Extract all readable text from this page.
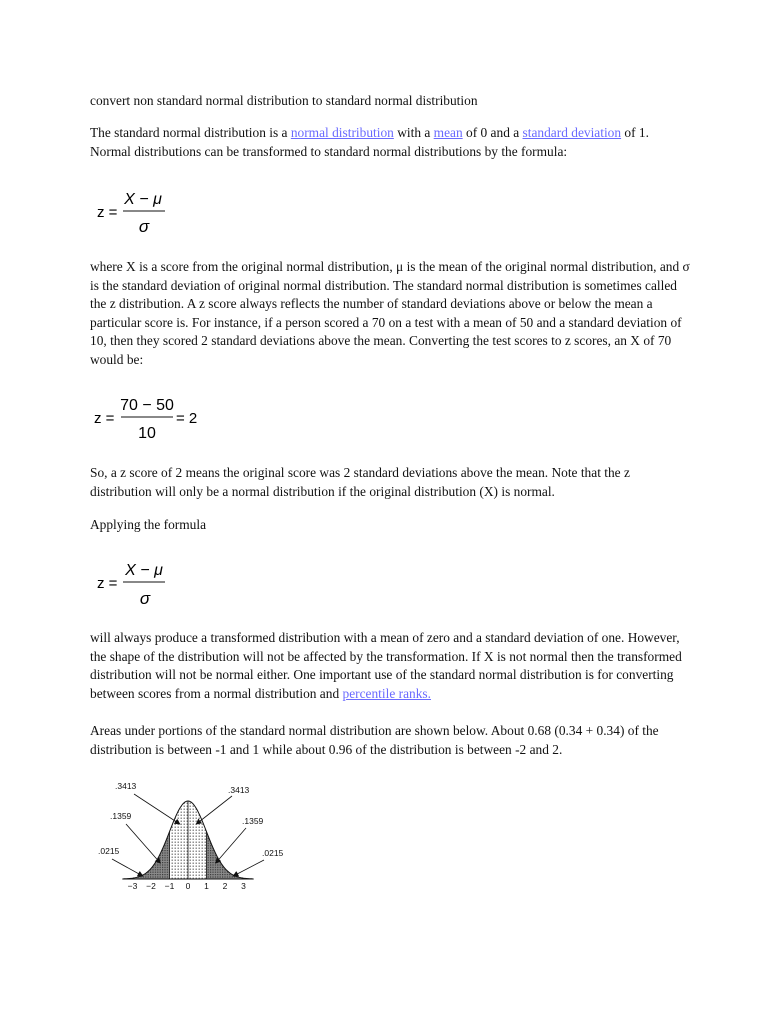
convert non standard normal distribution to standard normal distribution

The standard normal distribution is a normal distribution with a mean of 0 and a standard deviation of 1. Normal distributions can be transformed to standard normal distributions by the formula:

z =
X − μ
σ

where X is a score from the original normal distribution, μ is the mean of the original normal distribution, and σ is the standard deviation of original normal distribution. The standard normal distribution is sometimes called the z distribution. A z score always reflects the number of standard deviations above or below the mean a particular score is. For instance, if a person scored a 70 on a test with a mean of 50 and a standard deviation of 10, then they scored 2 standard deviations above the mean. Converting the test scores to z scores, an X of 70 would be:

z =
70 − 50
10
= 2

So, a z score of 2 means the original score was 2 standard deviations above the mean. Note that the z distribution will only be a normal distribution if the original distribution (X) is normal.

Applying the formula

z =
X − μ
σ

will always produce a transformed distribution with a mean of zero and a standard deviation of one. However, the shape of the distribution will not be affected by the transformation. If X is not normal then the transformed distribution will not be normal either. One important use of the standard normal distribution is for converting between scores from a normal distribution and percentile ranks.

Areas under portions of the standard normal distribution are shown below. About 0.68 (0.34 + 0.34) of the distribution is between -1 and 1 while about 0.96 of the distribution is between -2 and 2.

−3 −2 −1 0 1 2 3
.0215
.1359
.3413	.3413
.1359
.0215
